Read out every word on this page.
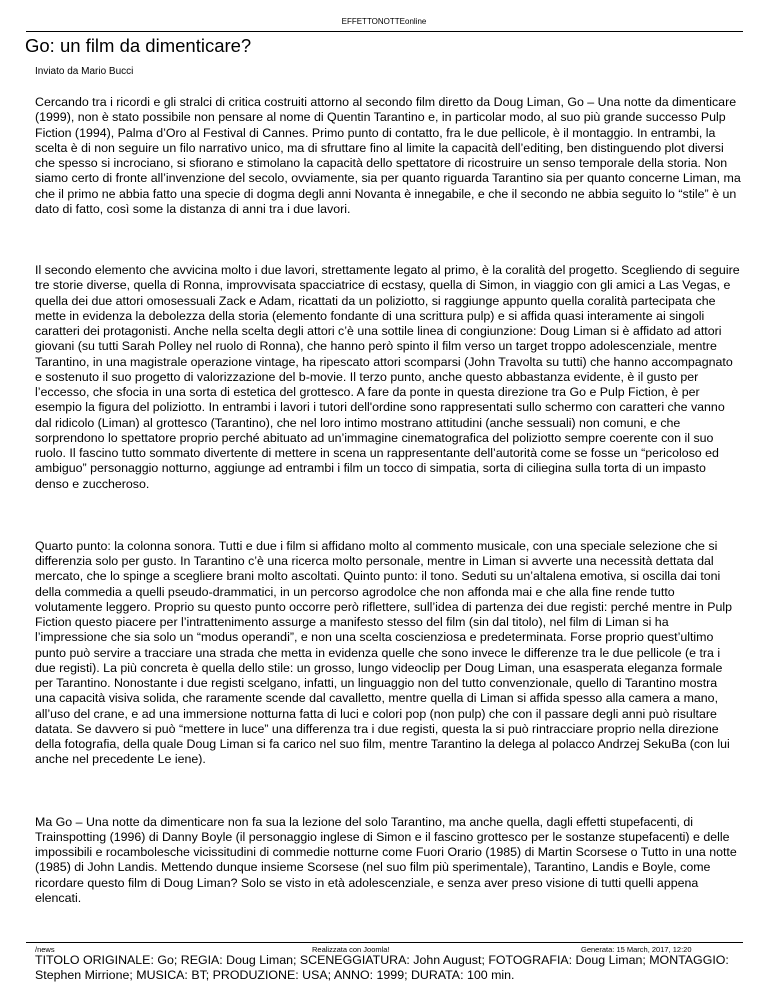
EFFETTONOTTEonline
Go: un film da dimenticare?
Inviato da Mario Bucci

Cercando tra i ricordi e gli stralci di critica costruiti attorno al secondo film diretto da Doug Liman, Go – Una notte da dimenticare (1999), non è stato possibile non pensare al nome di Quentin Tarantino e, in particolar modo, al suo più grande successo Pulp Fiction (1994), Palma d’Oro al Festival di Cannes. Primo punto di contatto, fra le due pellicole, è il montaggio. In entrambi, la scelta è di non seguire un filo narrativo unico, ma di sfruttare fino al limite la capacità dell’editing, ben distinguendo plot diversi che spesso si incrociano, si sfiorano e stimolano la capacità dello spettatore di ricostruire un senso temporale della storia. Non siamo certo di fronte all’invenzione del secolo, ovviamente, sia per quanto riguarda Tarantino sia per quanto concerne Liman, ma che il primo ne abbia fatto una specie di dogma degli anni Novanta è innegabile, e che il secondo ne abbia seguito lo “stile” è un dato di fatto, così some la distanza di anni tra i due lavori.

Il secondo elemento che avvicina molto i due lavori, strettamente legato al primo, è la coralità del progetto. Scegliendo di seguire tre storie diverse, quella di Ronna, improvvisata spacciatrice di ecstasy, quella di Simon, in viaggio con gli amici a Las Vegas, e quella dei due attori omosessuali Zack e Adam, ricattati da un poliziotto, si raggiunge appunto quella coralità partecipata che mette in evidenza la debolezza della storia (elemento fondante di una scrittura pulp) e si affida quasi interamente ai singoli caratteri dei protagonisti. Anche nella scelta degli attori c’è una sottile linea di congiunzione: Doug Liman si è affidato ad attori giovani (su tutti Sarah Polley nel ruolo di Ronna), che hanno però spinto il film verso un target troppo adolescenziale, mentre Tarantino, in una magistrale operazione vintage, ha ripescato attori scomparsi (John Travolta su tutti) che hanno accompagnato e sostenuto il suo progetto di valorizzazione del b-movie. Il terzo punto, anche questo abbastanza evidente, è il gusto per l’eccesso, che sfocia in una sorta di estetica del grottesco. A fare da ponte in questa direzione tra Go e Pulp Fiction, è per esempio la figura del poliziotto. In entrambi i lavori i tutori dell'ordine sono rappresentati sullo schermo con caratteri che vanno dal ridicolo (Liman) al grottesco (Tarantino), che nel loro intimo mostrano attitudini (anche sessuali) non comuni, e che sorprendono lo spettatore proprio perché abituato ad un’immagine cinematografica del poliziotto sempre coerente con il suo ruolo. Il fascino tutto sommato divertente di mettere in scena un rappresentante dell’autorità come se fosse un “pericoloso ed ambiguo” personaggio notturno, aggiunge ad entrambi i film un tocco di simpatia, sorta di ciliegina sulla torta di un impasto denso e zuccheroso.

Quarto punto: la colonna sonora. Tutti e due i film si affidano molto al commento musicale, con una speciale selezione che si differenzia solo per gusto. In Tarantino c’è una ricerca molto personale, mentre in Liman si avverte una necessità dettata dal mercato, che lo spinge a scegliere brani molto ascoltati. Quinto punto: il tono. Seduti su un’altalena emotiva, si oscilla dai toni della commedia a quelli pseudo-drammatici, in un percorso agrodolce che non affonda mai e che alla fine rende tutto volutamente leggero. Proprio su questo punto occorre però riflettere, sull’idea di partenza dei due registi: perché mentre in Pulp Fiction questo piacere per l’intrattenimento assurge a manifesto stesso del film (sin dal titolo), nel film di Liman si ha l’impressione che sia solo un “modus operandi”, e non una scelta coscienziosa e predeterminata. Forse proprio quest’ultimo punto può servire a tracciare una strada che metta in evidenza quelle che sono invece le differenze tra le due pellicole (e tra i due registi). La più concreta è quella dello stile: un grosso, lungo videoclip per Doug Liman, una esasperata eleganza formale per Tarantino. Nonostante i due registi scelgano, infatti, un linguaggio non del tutto convenzionale, quello di Tarantino mostra una capacità visiva solida, che raramente scende dal cavalletto, mentre quella di Liman si affida spesso alla camera a mano, all’uso del crane, e ad una immersione notturna fatta di luci e colori pop (non pulp) che con il passare degli anni può risultare datata. Se davvero si può “mettere in luce” una differenza tra i due registi, questa la si può rintracciare proprio nella direzione della fotografia, della quale Doug Liman si fa carico nel suo film, mentre Tarantino la delega al polacco Andrzej SekuBa (con lui anche nel precedente Le iene).

Ma Go – Una notte da dimenticare non fa sua la lezione del solo Tarantino, ma anche quella, dagli effetti stupefacenti, di Trainspotting (1996) di Danny Boyle (il personaggio inglese di Simon e il fascino grottesco per le sostanze stupefacenti) e delle impossibili e rocambolesche vicissitudini di commedie notturne come Fuori Orario (1985) di Martin Scorsese o Tutto in una notte (1985) di John Landis. Mettendo dunque insieme Scorsese (nel suo film più sperimentale), Tarantino, Landis e Boyle, come ricordare questo film di Doug Liman? Solo se visto in età adolescenziale, e senza aver preso visione di tutti quelli appena elencati.

TITOLO ORIGINALE: Go; REGIA: Doug Liman; SCENEGGIATURA: John August; FOTOGRAFIA: Doug Liman; MONTAGGIO: Stephen Mirrione; MUSICA: BT; PRODUZIONE: USA; ANNO: 1999; DURATA: 100 min.

/news	Realizzata con Joomla!	Generata: 15 March, 2017, 12:20
